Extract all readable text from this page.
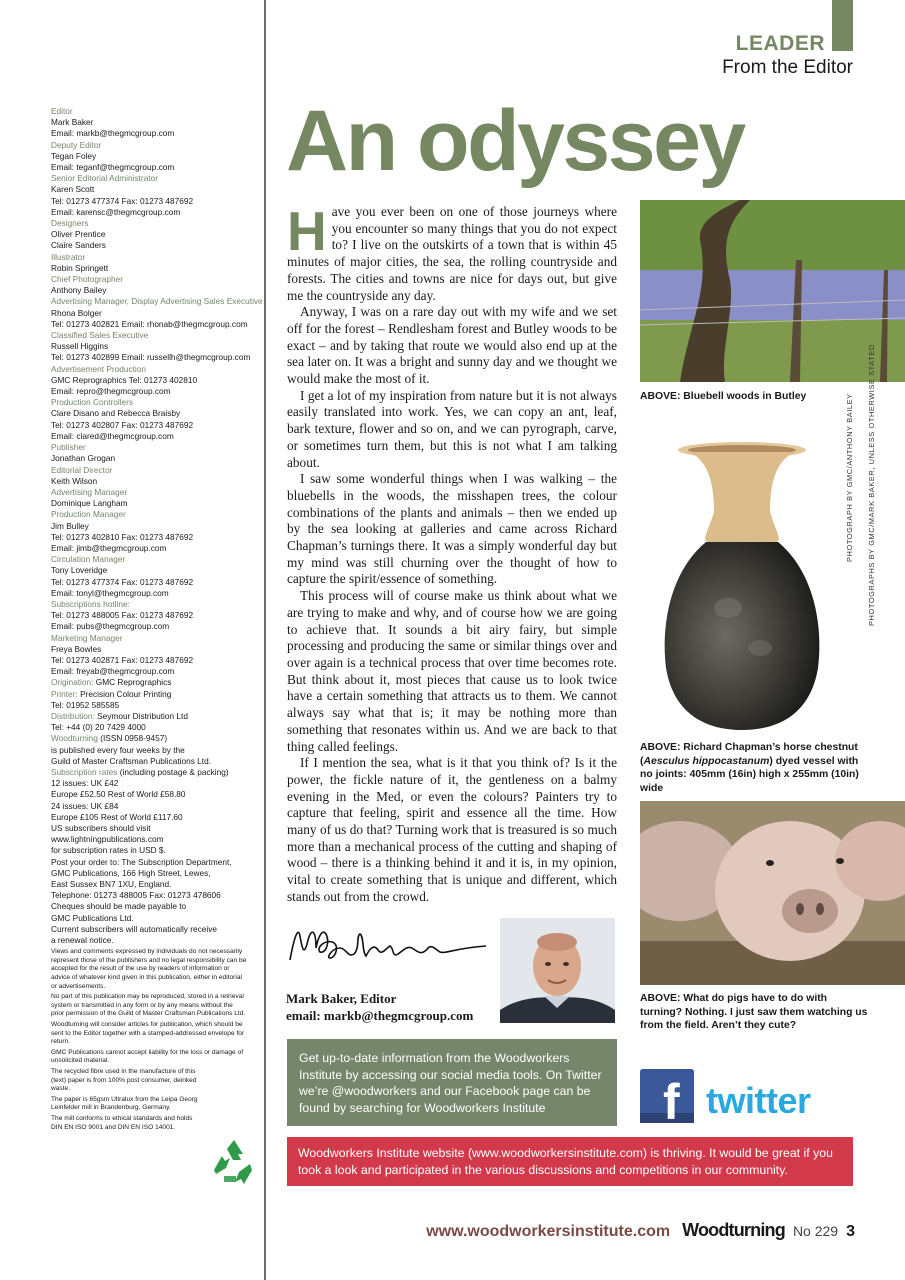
Editor
Mark Baker
Email: markb@thegmcgroup.com
Deputy Editor
Tegan Foley
Email: teganf@thegmcgroup.com
Senior Editorial Administrator
Karen Scott
Tel: 01273 477374 Fax: 01273 487692
Email: karensc@thegmcgroup.com
Designers
Oliver Prentice
Claire Sanders
Illustrator
Robin Springett
Chief Photographer
Anthony Bailey
Advertising Manager, Display Advertising Sales Executive
Rhona Bolger
Tel: 01273 402821 Email: rhonab@thegmcgroup.com
Classified Sales Executive
Russell Higgins
Tel: 01273 402899 Email: russellh@thegmcgroup.com
Advertisement Production
GMC Reprographics Tel: 01273 402810
Email: repro@thegmcgroup.com
Production Controllers
Clare Disano and Rebecca Braisby
Tel: 01273 402807 Fax: 01273 487692
Email: clared@thegmcgroup.com
Publisher
Jonathan Grogan
Editorial Director
Keith Wilson
Advertising Manager
Dominique Langham
Production Manager
Jim Bulley
Tel: 01273 402810 Fax: 01273 487692
Email: jimb@thegmcgroup.com
Circulation Manager
Tony Loveridge
Tel: 01273 477374 Fax: 01273 487692
Email: tonyl@thegmcgroup.com
Subscriptions hotline:
Tel: 01273 488005 Fax: 01273 487692
Email: pubs@thegmcgroup.com
Marketing Manager
Freya Bowles
Tel: 01273 402871 Fax: 01273 487692
Email: freyab@thegmcgroup.com
Origination: GMC Reprographics
Printer: Precision Colour Printing
Tel: 01952 585585
Distribution: Seymour Distribution Ltd
Tel: +44 (0) 20 7429 4000
Woodturning (ISSN 0958-9457)
is published every four weeks by the
Guild of Master Craftsman Publications Ltd.
Subscription rates (including postage & packing)
12 issues: UK £42
Europe £52.50 Rest of World £58.80
24 issues: UK £84
Europe £105 Rest of World £117.60
US subscribers should visit
www.lightningpublications.com
for subscription rates in USD $.
Post your order to: The Subscription Department,
GMC Publications, 166 High Street, Lewes,
East Sussex BN7 1XU, England.
Telephone: 01273 488005 Fax: 01273 478606
Cheques should be made payable to
GMC Publications Ltd.
Current subscribers will automatically receive
a renewal notice.
Views and comments expressed by individuals do not necessarily represent those of the publishers and no legal responsibility can be accepted for the result of the use by readers of information or advice of whatever kind given in this publication, either in editorial or advertisements.
No part of this publication may be reproduced, stored in a retrieval system or transmitted in any form or by any means without the prior permission of the Guild of Master Craftsman Publications Ltd.
Woodturning will consider articles for publication, which should be sent to the Editor together with a stamped-addressed envelope for return.
GMC Publications cannot accept liability for the loss or damage of unsolicited material.
The recycled fibre used in the manufacture of this (text) paper is from 100% post consumer, deinked waste.
The paper is 65gsm Ultralux from the Leipa Georg Leinfelder mill in Brandenburg, Germany.
The mill conforms to ethical standards and holds DIN EN ISO 9001 and DIN EN ISO 14001.
LEADER
From the Editor
An odyssey

Have you ever been on one of those journeys where you encounter so many things that you do not expect to? I live on the outskirts of a town that is within 45 minutes of major cities, the sea, the rolling countryside and forests. The cities and towns are nice for days out, but give me the countryside any day.

Anyway, I was on a rare day out with my wife and we set off for the forest – Rendlesham forest and Butley woods to be exact – and by taking that route we would also end up at the sea later on. It was a bright and sunny day and we thought we would make the most of it.

I get a lot of my inspiration from nature but it is not always easily translated into work. Yes, we can copy an ant, leaf, bark texture, flower and so on, and we can pyrograph, carve, or sometimes turn them, but this is not what I am talking about.

I saw some wonderful things when I was walking – the bluebells in the woods, the misshapen trees, the colour combinations of the plants and animals – then we ended up by the sea looking at galleries and came across Richard Chapman’s turnings there. It was a simply wonderful day but my mind was still churning over the thought of how to capture the spirit/essence of something.

This process will of course make us think about what we are trying to make and why, and of course how we are going to achieve that. It sounds a bit airy fairy, but simple processing and producing the same or similar things over and over again is a technical process that over time becomes rote. But think about it, most pieces that cause us to look twice have a certain something that attracts us to them. We cannot always say what that is; it may be nothing more than something that resonates within us. And we are back to that thing called feelings.

If I mention the sea, what is it that you think of? Is it the power, the fickle nature of it, the gentleness on a balmy evening in the Med, or even the colours? Painters try to capture that feeling, spirit and essence all the time. How many of us do that? Turning work that is treasured is so much more than a mechanical process of the cutting and shaping of wood – there is a thinking behind it and it is, in my opinion, vital to create something that is unique and different, which stands out from the crowd.

Mark Baker, Editor
email: markb@thegmcgroup.com
ABOVE: Bluebell woods in Butley	PHOTOGRAPH BY GMC/ANTHONY BAILEY PHOTOGRAPHS BY GMC/MARK BAKER, UNLESS OTHERWISE STATED
ABOVE: Richard Chapman’s horse chestnut (Aesculus hippocastanum) dyed vessel with no joints: 405mm (16in) high x 255mm (10in) wide
ABOVE: What do pigs have to do with turning? Nothing. I just saw them watching us from the field. Aren’t they cute?
Get up-to-date information from the Woodworkers Institute by accessing our social media tools. On Twitter we’re @woodworkers and our Facebook page can be found by searching for Woodworkers Institute	f twitter
Woodworkers Institute website (www.woodworkersinstitute.com) is thriving. It would be great if you took a look and participated in the various discussions and competitions in our community.
www.woodworkersinstitute.com Woodturning No 229 3
